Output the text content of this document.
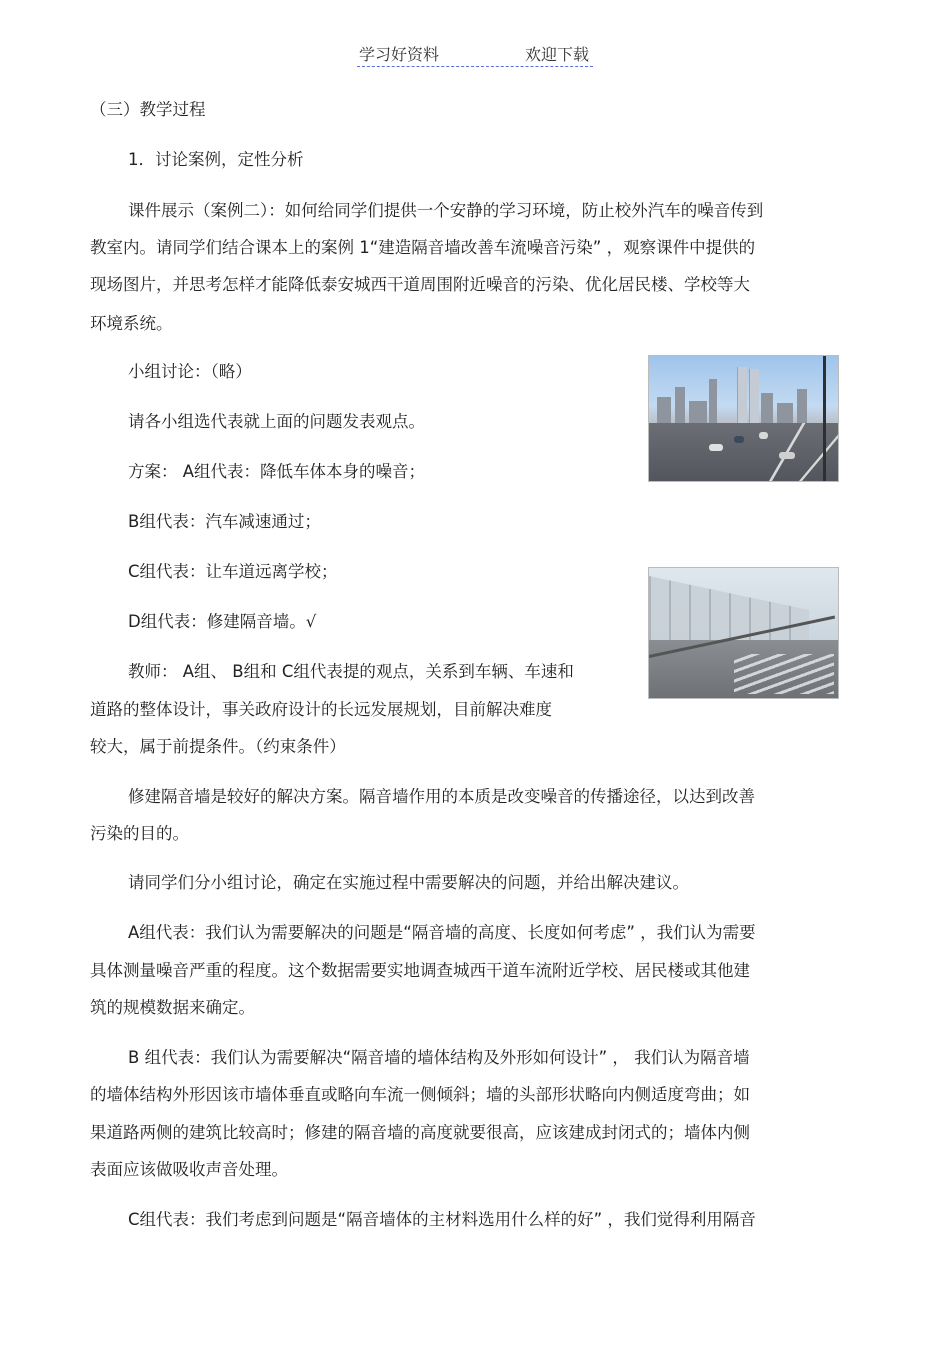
学习好资料	欢迎下载
（三）教学过程
1．讨论案例，定性分析
课件展示（案例二）：如何给同学们提供一个安静的学习环境，防止校外汽车的噪音传到
教室内。请同学们结合课本上的案例 1“建造隔音墙改善车流噪音污染” ，观察课件中提供的
现场图片，并思考怎样才能降低泰安城西干道周围附近噪音的污染、优化居民楼、学校等大
环境系统。
小组讨论：（略）
请各小组选代表就上面的问题发表观点。
方案： A组代表：降低车体本身的噪音；
B组代表：汽车减速通过；
C组代表：让车道远离学校；
D组代表：修建隔音墙。√
教师： A组、 B组和 C组代表提的观点，关系到车辆、车速和
道路的整体设计，事关政府设计的长远发展规划，目前解决难度
较大，属于前提条件。（约束条件）
修建隔音墙是较好的解决方案。隔音墙作用的本质是改变噪音的传播途径，以达到改善
污染的目的。
请同学们分小组讨论，确定在实施过程中需要解决的问题，并给出解决建议。
A组代表：我们认为需要解决的问题是“隔音墙的高度、长度如何考虑” ，我们认为需要
具体测量噪音严重的程度。这个数据需要实地调查城西干道车流附近学校、居民楼或其他建
筑的规模数据来确定。
B 组代表：我们认为需要解决“隔音墙的墙体结构及外形如何设计” ， 我们认为隔音墙
的墙体结构外形因该市墙体垂直或略向车流一侧倾斜；墙的头部形状略向内侧适度弯曲；如
果道路两侧的建筑比较高时；修建的隔音墙的高度就要很高，应该建成封闭式的；墙体内侧
表面应该做吸收声音处理。
C组代表：我们考虑到问题是“隔音墙体的主材料选用什么样的好” ，我们觉得利用隔音
